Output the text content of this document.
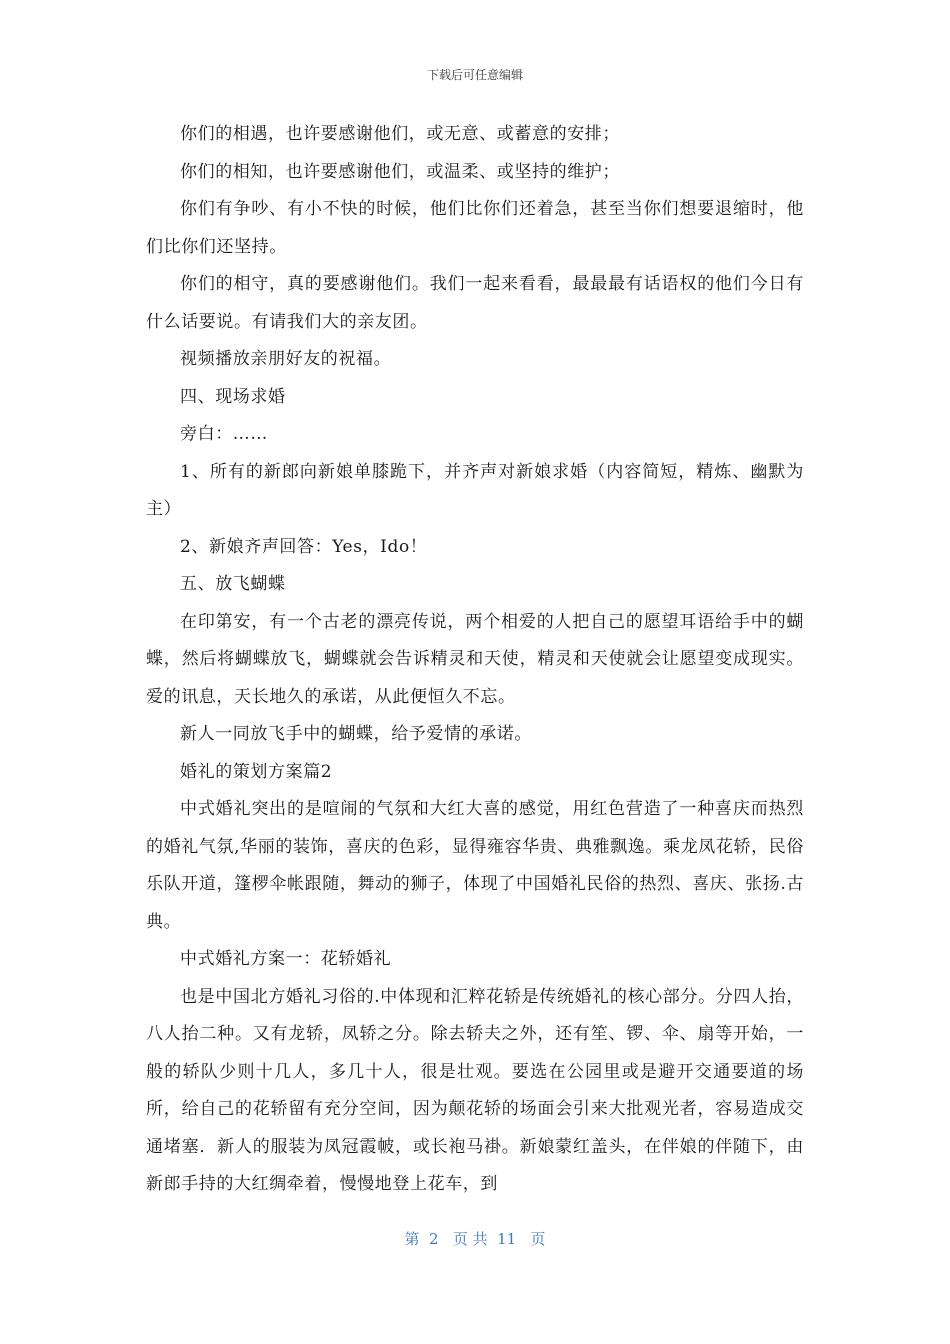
下载后可任意编辑

你们的相遇，也许要感谢他们，或无意、或蓄意的安排；

你们的相知，也许要感谢他们，或温柔、或坚持的维护；

你们有争吵、有小不快的时候，他们比你们还着急，甚至当你们想要退缩时，他们比你们还坚持。

你们的相守，真的要感谢他们。我们一起来看看，最最最有话语权的他们今日有什么话要说。有请我们大的亲友团。

视频播放亲朋好友的祝福。

四、现场求婚

旁白：……

1、所有的新郎向新娘单膝跪下，并齐声对新娘求婚（内容简短，精炼、幽默为主）

2、新娘齐声回答：Yes，Ido！

五、放飞蝴蝶

在印第安，有一个古老的漂亮传说，两个相爱的人把自己的愿望耳语给手中的蝴蝶，然后将蝴蝶放飞，蝴蝶就会告诉精灵和天使，精灵和天使就会让愿望变成现实。爱的讯息，天长地久的承诺，从此便恒久不忘。

新人一同放飞手中的蝴蝶，给予爱情的承诺。

婚礼的策划方案篇2

中式婚礼突出的是喧闹的气氛和大红大喜的感觉，用红色营造了一种喜庆而热烈的婚礼气氛,华丽的装饰，喜庆的色彩，显得雍容华贵、典雅飘逸。乘龙凤花轿，民俗乐队开道，篷椤伞帐跟随，舞动的狮子，体现了中国婚礼民俗的热烈、喜庆、张扬.古典。

中式婚礼方案一：花轿婚礼

也是中国北方婚礼习俗的.中体现和汇粹花轿是传统婚礼的核心部分。分四人抬，八人抬二种。又有龙轿，凤轿之分。除去轿夫之外，还有笙、锣、伞、扇等开始，一般的轿队少则十几人，多几十人，很是壮观。要选在公园里或是避开交通要道的场所，给自己的花轿留有充分空间，因为颠花轿的场面会引来大批观光者，容易造成交通堵塞．新人的服装为凤冠霞帔，或长袍马褂。新娘蒙红盖头，在伴娘的伴随下，由新郎手持的大红绸牵着，慢慢地登上花车，到

第  2   页 共  11   页
